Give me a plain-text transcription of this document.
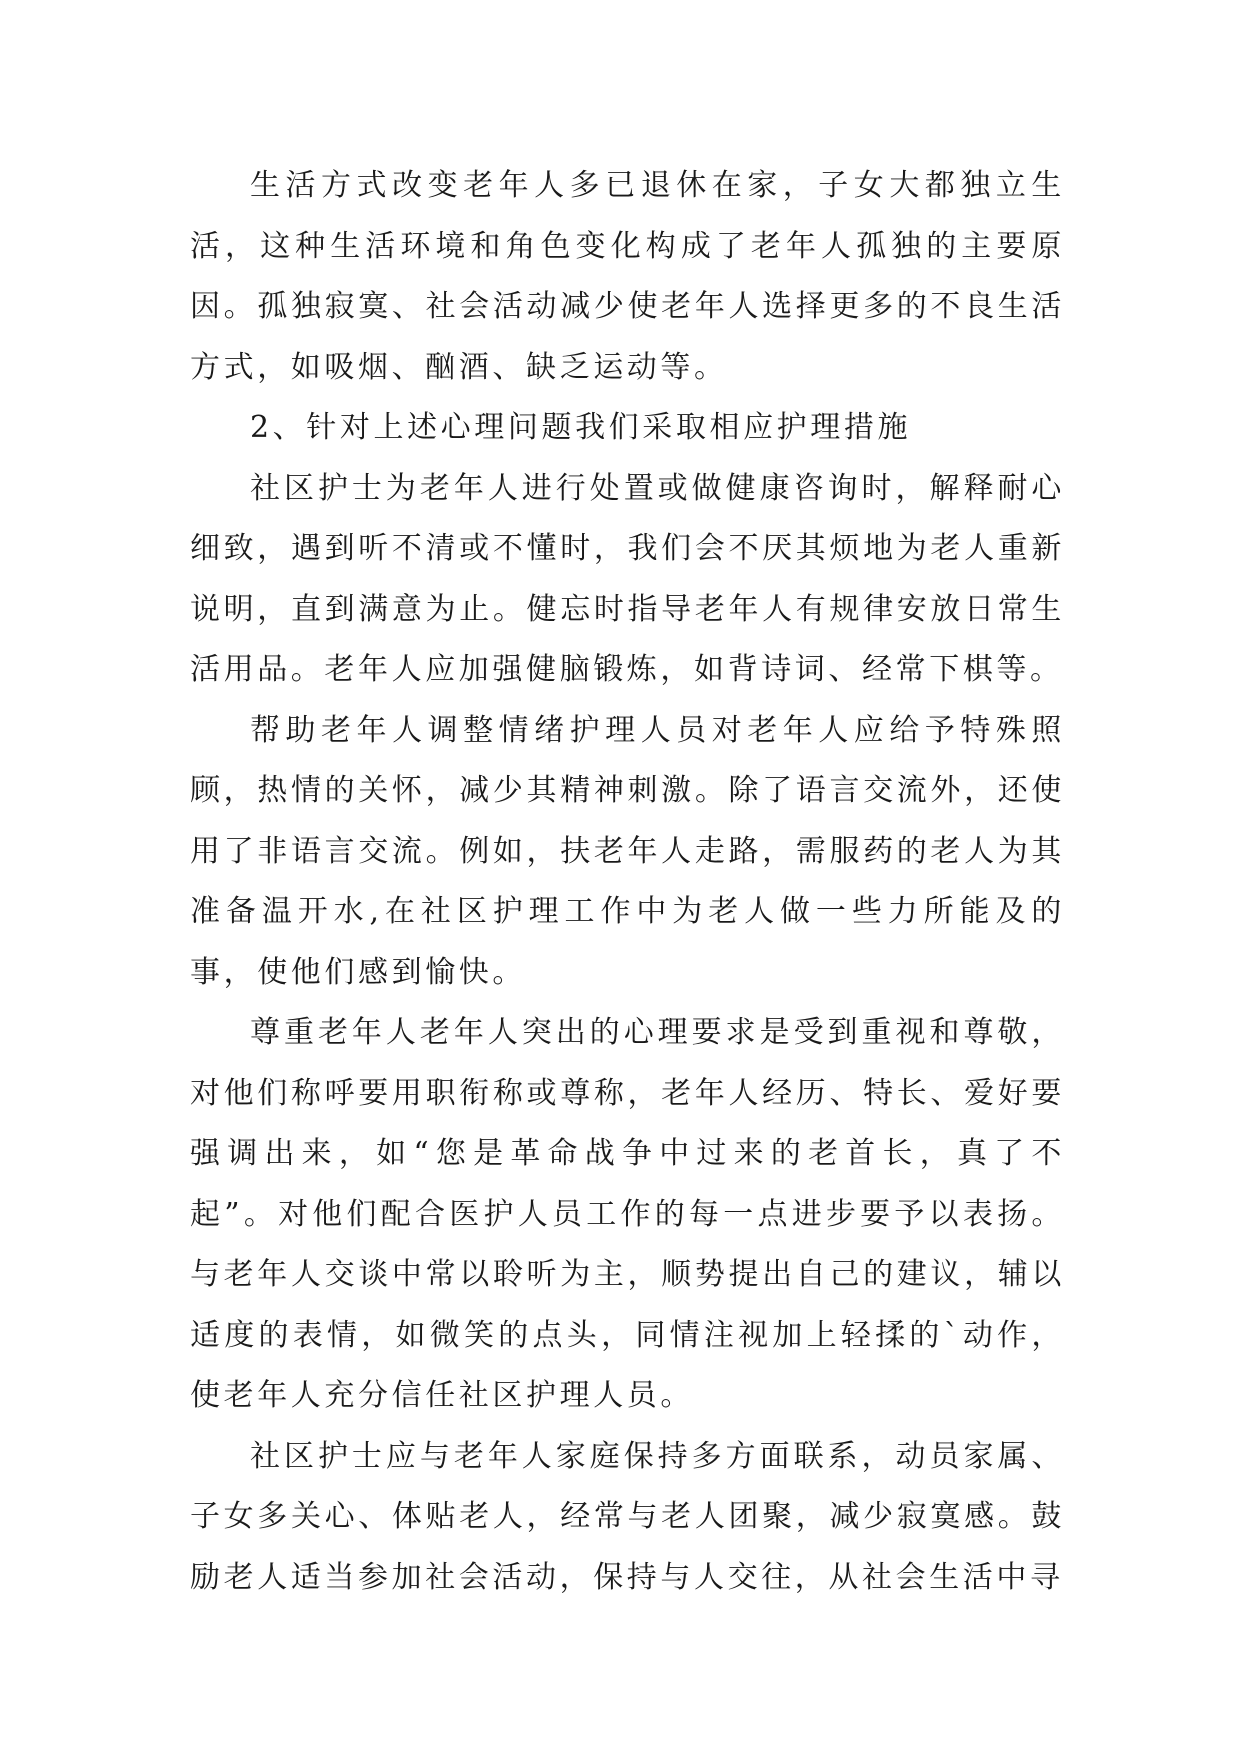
生活方式改变老年人多已退休在家，子女大都独立生活，这种生活环境和角色变化构成了老年人孤独的主要原因。孤独寂寞、社会活动减少使老年人选择更多的不良生活方式，如吸烟、酗酒、缺乏运动等。

2、针对上述心理问题我们采取相应护理措施

社区护士为老年人进行处置或做健康咨询时，解释耐心细致，遇到听不清或不懂时，我们会不厌其烦地为老人重新说明，直到满意为止。健忘时指导老年人有规律安放日常生活用品。老年人应加强健脑锻炼，如背诗词、经常下棋等。

帮助老年人调整情绪护理人员对老年人应给予特殊照顾，热情的关怀，减少其精神刺激。除了语言交流外，还使用了非语言交流。例如，扶老年人走路，需服药的老人为其准备温开水,在社区护理工作中为老人做一些力所能及的事，使他们感到愉快。

尊重老年人老年人突出的心理要求是受到重视和尊敬，对他们称呼要用职衔称或尊称，老年人经历、特长、爱好要强调出来，如“您是革命战争中过来的老首长，真了不起”。对他们配合医护人员工作的每一点进步要予以表扬。与老年人交谈中常以聆听为主，顺势提出自己的建议，辅以适度的表情，如微笑的点头，同情注视加上轻揉的`动作，使老年人充分信任社区护理人员。

社区护士应与老年人家庭保持多方面联系，动员家属、子女多关心、体贴老人，经常与老人团聚，减少寂寞感。鼓励老人适当参加社会活动，保持与人交往，从社会生活中寻
